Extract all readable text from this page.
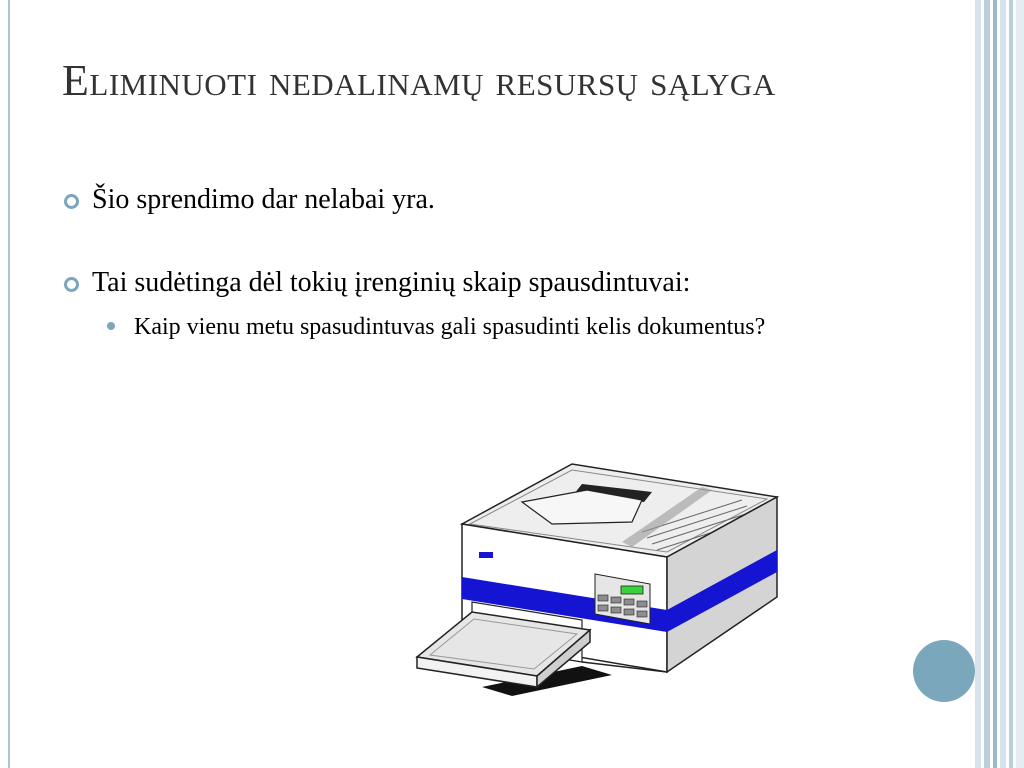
Eliminuoti nedalinamų resursų sąlyga
Šio sprendimo dar nelabai yra.
Tai sudėtinga dėl tokių įrenginių skaip spausdintuvai:
Kaip vienu metu spasudintuvas gali spasudinti kelis dokumentus?
